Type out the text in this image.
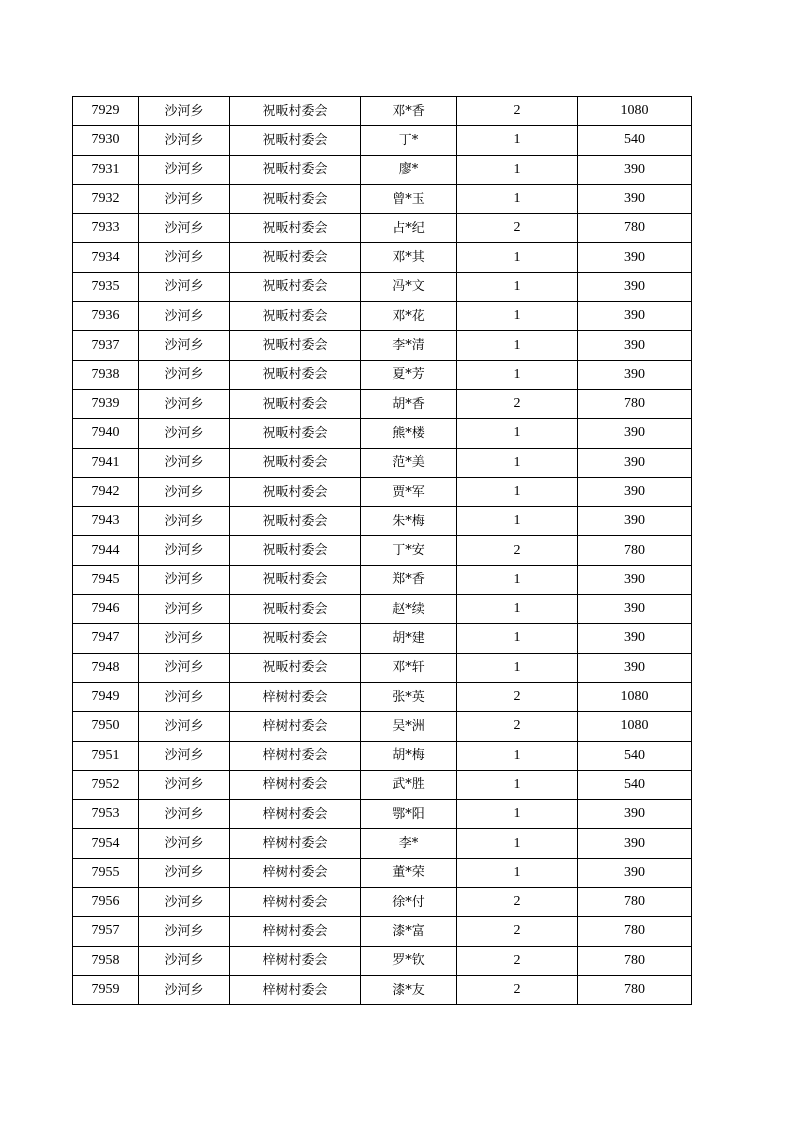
7929	沙河乡	祝畈村委会	邓*香	2	1080
7930	沙河乡	祝畈村委会	丁*	1	540
7931	沙河乡	祝畈村委会	廖*	1	390
7932	沙河乡	祝畈村委会	曾*玉	1	390
7933	沙河乡	祝畈村委会	占*纪	2	780
7934	沙河乡	祝畈村委会	邓*其	1	390
7935	沙河乡	祝畈村委会	冯*文	1	390
7936	沙河乡	祝畈村委会	邓*花	1	390
7937	沙河乡	祝畈村委会	李*清	1	390
7938	沙河乡	祝畈村委会	夏*芳	1	390
7939	沙河乡	祝畈村委会	胡*香	2	780
7940	沙河乡	祝畈村委会	熊*楼	1	390
7941	沙河乡	祝畈村委会	范*美	1	390
7942	沙河乡	祝畈村委会	贾*军	1	390
7943	沙河乡	祝畈村委会	朱*梅	1	390
7944	沙河乡	祝畈村委会	丁*安	2	780
7945	沙河乡	祝畈村委会	郑*香	1	390
7946	沙河乡	祝畈村委会	赵*续	1	390
7947	沙河乡	祝畈村委会	胡*建	1	390
7948	沙河乡	祝畈村委会	邓*轩	1	390
7949	沙河乡	梓树村委会	张*英	2	1080
7950	沙河乡	梓树村委会	吴*洲	2	1080
7951	沙河乡	梓树村委会	胡*梅	1	540
7952	沙河乡	梓树村委会	武*胜	1	540
7953	沙河乡	梓树村委会	鄂*阳	1	390
7954	沙河乡	梓树村委会	李*	1	390
7955	沙河乡	梓树村委会	董*荣	1	390
7956	沙河乡	梓树村委会	徐*付	2	780
7957	沙河乡	梓树村委会	漆*富	2	780
7958	沙河乡	梓树村委会	罗*钦	2	780
7959	沙河乡	梓树村委会	漆*友	2	780
